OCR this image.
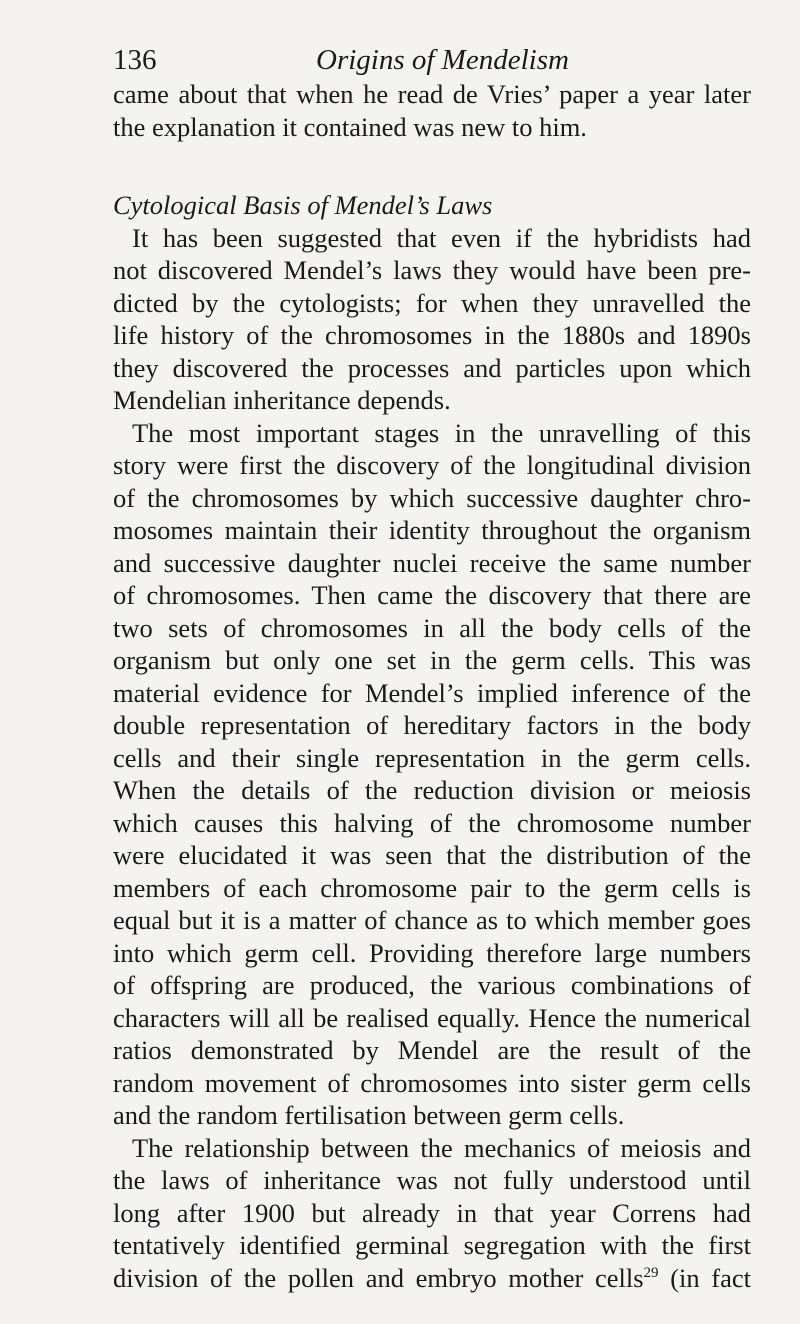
136	Origins of Mendelism
came about that when he read de Vries’ paper a year later
the explanation it contained was new to him.
Cytological Basis of Mendel’s Laws
It has been suggested that even if the hybridists had
not discovered Mendel’s laws they would have been pre-
dicted by the cytologists; for when they unravelled the
life history of the chromosomes in the 1880s and 1890s
they discovered the processes and particles upon which
Mendelian inheritance depends.
The most important stages in the unravelling of this
story were first the discovery of the longitudinal division
of the chromosomes by which successive daughter chro-
mosomes maintain their identity throughout the organism
and successive daughter nuclei receive the same number
of chromosomes. Then came the discovery that there are
two sets of chromosomes in all the body cells of the
organism but only one set in the germ cells. This was
material evidence for Mendel’s implied inference of the
double representation of hereditary factors in the body
cells and their single representation in the germ cells.
When the details of the reduction division or meiosis
which causes this halving of the chromosome number
were elucidated it was seen that the distribution of the
members of each chromosome pair to the germ cells is
equal but it is a matter of chance as to which member goes
into which germ cell. Providing therefore large numbers
of offspring are produced, the various combinations of
characters will all be realised equally. Hence the numerical
ratios demonstrated by Mendel are the result of the
random movement of chromosomes into sister germ cells
and the random fertilisation between germ cells.
The relationship between the mechanics of meiosis and
the laws of inheritance was not fully understood until
long after 1900 but already in that year Correns had
tentatively identified germinal segregation with the first
division of the pollen and embryo mother cells$^{29}$ (in fact
